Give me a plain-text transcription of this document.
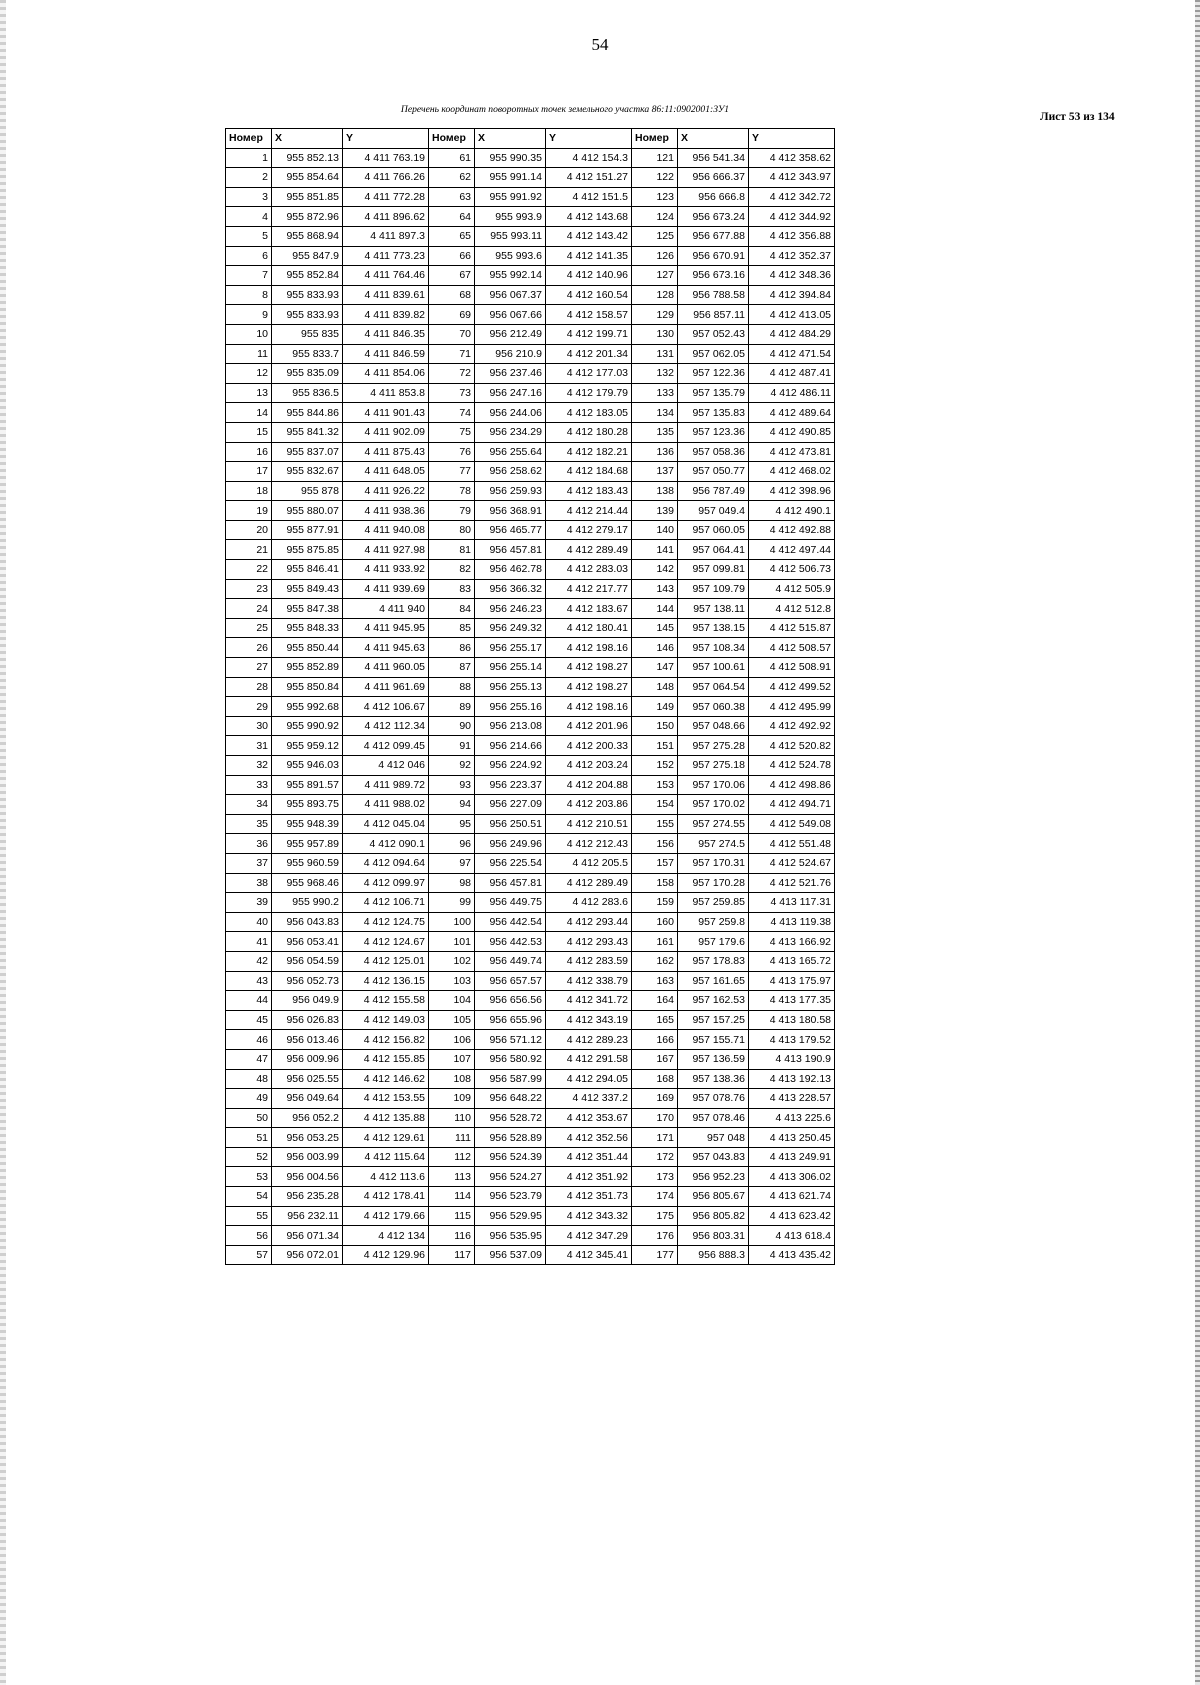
54
Перечень координат поворотных точек земельного участка 86:11:0902001:ЗУ1
Лист 53 из 134
Номер	X	Y	Номер	X	Y	Номер	X	Y
1	955 852.13	4 411 763.19	61	955 990.35	4 412 154.3	121	956 541.34	4 412 358.62
2	955 854.64	4 411 766.26	62	955 991.14	4 412 151.27	122	956 666.37	4 412 343.97
3	955 851.85	4 411 772.28	63	955 991.92	4 412 151.5	123	956 666.8	4 412 342.72
4	955 872.96	4 411 896.62	64	955 993.9	4 412 143.68	124	956 673.24	4 412 344.92
5	955 868.94	4 411 897.3	65	955 993.11	4 412 143.42	125	956 677.88	4 412 356.88
6	955 847.9	4 411 773.23	66	955 993.6	4 412 141.35	126	956 670.91	4 412 352.37
7	955 852.84	4 411 764.46	67	955 992.14	4 412 140.96	127	956 673.16	4 412 348.36
8	955 833.93	4 411 839.61	68	956 067.37	4 412 160.54	128	956 788.58	4 412 394.84
9	955 833.93	4 411 839.82	69	956 067.66	4 412 158.57	129	956 857.11	4 412 413.05
10	955 835	4 411 846.35	70	956 212.49	4 412 199.71	130	957 052.43	4 412 484.29
11	955 833.7	4 411 846.59	71	956 210.9	4 412 201.34	131	957 062.05	4 412 471.54
12	955 835.09	4 411 854.06	72	956 237.46	4 412 177.03	132	957 122.36	4 412 487.41
13	955 836.5	4 411 853.8	73	956 247.16	4 412 179.79	133	957 135.79	4 412 486.11
14	955 844.86	4 411 901.43	74	956 244.06	4 412 183.05	134	957 135.83	4 412 489.64
15	955 841.32	4 411 902.09	75	956 234.29	4 412 180.28	135	957 123.36	4 412 490.85
16	955 837.07	4 411 875.43	76	956 255.64	4 412 182.21	136	957 058.36	4 412 473.81
17	955 832.67	4 411 648.05	77	956 258.62	4 412 184.68	137	957 050.77	4 412 468.02
18	955 878	4 411 926.22	78	956 259.93	4 412 183.43	138	956 787.49	4 412 398.96
19	955 880.07	4 411 938.36	79	956 368.91	4 412 214.44	139	957 049.4	4 412 490.1
20	955 877.91	4 411 940.08	80	956 465.77	4 412 279.17	140	957 060.05	4 412 492.88
21	955 875.85	4 411 927.98	81	956 457.81	4 412 289.49	141	957 064.41	4 412 497.44
22	955 846.41	4 411 933.92	82	956 462.78	4 412 283.03	142	957 099.81	4 412 506.73
23	955 849.43	4 411 939.69	83	956 366.32	4 412 217.77	143	957 109.79	4 412 505.9
24	955 847.38	4 411 940	84	956 246.23	4 412 183.67	144	957 138.11	4 412 512.8
25	955 848.33	4 411 945.95	85	956 249.32	4 412 180.41	145	957 138.15	4 412 515.87
26	955 850.44	4 411 945.63	86	956 255.17	4 412 198.16	146	957 108.34	4 412 508.57
27	955 852.89	4 411 960.05	87	956 255.14	4 412 198.27	147	957 100.61	4 412 508.91
28	955 850.84	4 411 961.69	88	956 255.13	4 412 198.27	148	957 064.54	4 412 499.52
29	955 992.68	4 412 106.67	89	956 255.16	4 412 198.16	149	957 060.38	4 412 495.99
30	955 990.92	4 412 112.34	90	956 213.08	4 412 201.96	150	957 048.66	4 412 492.92
31	955 959.12	4 412 099.45	91	956 214.66	4 412 200.33	151	957 275.28	4 412 520.82
32	955 946.03	4 412 046	92	956 224.92	4 412 203.24	152	957 275.18	4 412 524.78
33	955 891.57	4 411 989.72	93	956 223.37	4 412 204.88	153	957 170.06	4 412 498.86
34	955 893.75	4 411 988.02	94	956 227.09	4 412 203.86	154	957 170.02	4 412 494.71
35	955 948.39	4 412 045.04	95	956 250.51	4 412 210.51	155	957 274.55	4 412 549.08
36	955 957.89	4 412 090.1	96	956 249.96	4 412 212.43	156	957 274.5	4 412 551.48
37	955 960.59	4 412 094.64	97	956 225.54	4 412 205.5	157	957 170.31	4 412 524.67
38	955 968.46	4 412 099.97	98	956 457.81	4 412 289.49	158	957 170.28	4 412 521.76
39	955 990.2	4 412 106.71	99	956 449.75	4 412 283.6	159	957 259.85	4 413 117.31
40	956 043.83	4 412 124.75	100	956 442.54	4 412 293.44	160	957 259.8	4 413 119.38
41	956 053.41	4 412 124.67	101	956 442.53	4 412 293.43	161	957 179.6	4 413 166.92
42	956 054.59	4 412 125.01	102	956 449.74	4 412 283.59	162	957 178.83	4 413 165.72
43	956 052.73	4 412 136.15	103	956 657.57	4 412 338.79	163	957 161.65	4 413 175.97
44	956 049.9	4 412 155.58	104	956 656.56	4 412 341.72	164	957 162.53	4 413 177.35
45	956 026.83	4 412 149.03	105	956 655.96	4 412 343.19	165	957 157.25	4 413 180.58
46	956 013.46	4 412 156.82	106	956 571.12	4 412 289.23	166	957 155.71	4 413 179.52
47	956 009.96	4 412 155.85	107	956 580.92	4 412 291.58	167	957 136.59	4 413 190.9
48	956 025.55	4 412 146.62	108	956 587.99	4 412 294.05	168	957 138.36	4 413 192.13
49	956 049.64	4 412 153.55	109	956 648.22	4 412 337.2	169	957 078.76	4 413 228.57
50	956 052.2	4 412 135.88	110	956 528.72	4 412 353.67	170	957 078.46	4 413 225.6
51	956 053.25	4 412 129.61	111	956 528.89	4 412 352.56	171	957 048	4 413 250.45
52	956 003.99	4 412 115.64	112	956 524.39	4 412 351.44	172	957 043.83	4 413 249.91
53	956 004.56	4 412 113.6	113	956 524.27	4 412 351.92	173	956 952.23	4 413 306.02
54	956 235.28	4 412 178.41	114	956 523.79	4 412 351.73	174	956 805.67	4 413 621.74
55	956 232.11	4 412 179.66	115	956 529.95	4 412 343.32	175	956 805.82	4 413 623.42
56	956 071.34	4 412 134	116	956 535.95	4 412 347.29	176	956 803.31	4 413 618.4
57	956 072.01	4 412 129.96	117	956 537.09	4 412 345.41	177	956 888.3	4 413 435.42
